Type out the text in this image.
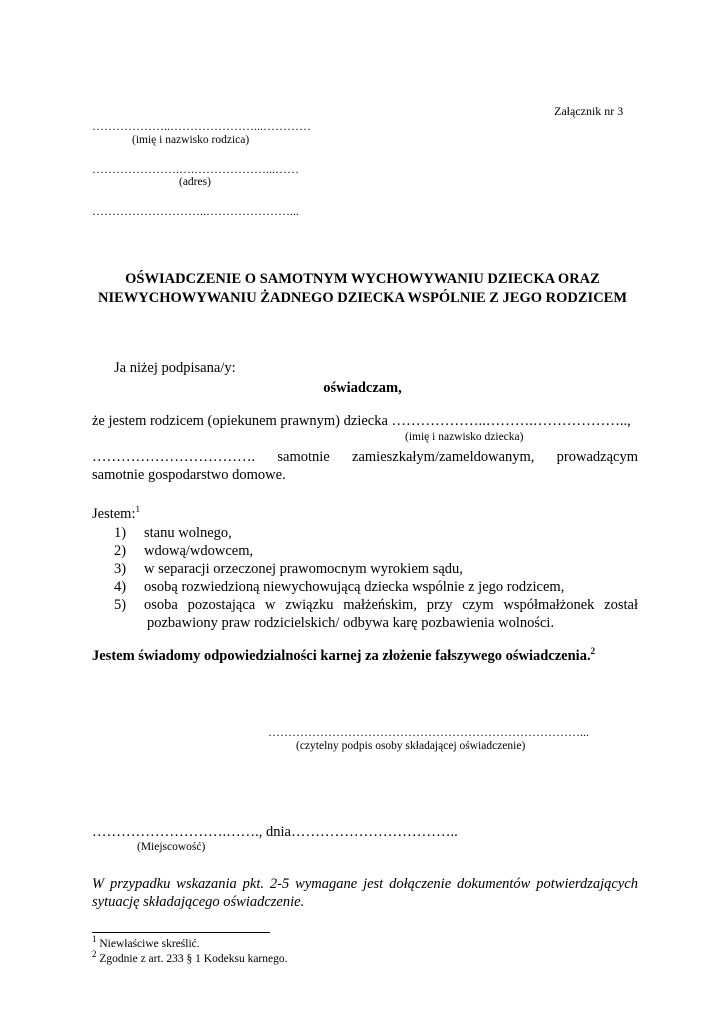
Załącznik nr 3
………………..…………………...…………
(imię i nazwisko rodzica)
………………….….………………...……
(adres)
………………………..…………………...
OŚWIADCZENIE O SAMOTNYM WYCHOWYWANIU DZIECKA ORAZ
NIEWYCHOWYWANIU ŻADNEGO DZIECKA WSPÓLNIE Z JEGO RODZICEM
Ja niżej podpisana/y:
oświadczam,
że jestem rodzicem (opiekunem prawnym) dziecka ………………..……….………………..,
(imię i nazwisko dziecka)
……………………………. samotnie zamieszkałym/zameldowanym, prowadzącym
samotnie gospodarstwo domowe.
Jestem:$^1$
1) stanu wolnego,
2) wdową/wdowcem,
3) w separacji orzeczonej prawomocnym wyrokiem sądu,
4) osobą rozwiedzioną niewychowującą dziecka wspólnie z jego rodzicem,
5) osoba pozostająca w związku małżeńskim, przy czym współmałżonek został
pozbawiony praw rodzicielskich/ odbywa karę pozbawienia wolności.
Jestem świadomy odpowiedzialności karnej za złożenie fałszywego oświadczenia.$^2$
……………………………………………………………………...
(czytelny podpis osoby składającej oświadczenie)
……………………….……., dnia……………………………..
(Miejscowość)
W przypadku wskazania pkt. 2-5 wymagane jest dołączenie dokumentów potwierdzających
sytuację składającego oświadczenie.
$^1$ Niewłaściwe skreślić.
$^2$ Zgodnie z art. 233 § 1 Kodeksu karnego.
